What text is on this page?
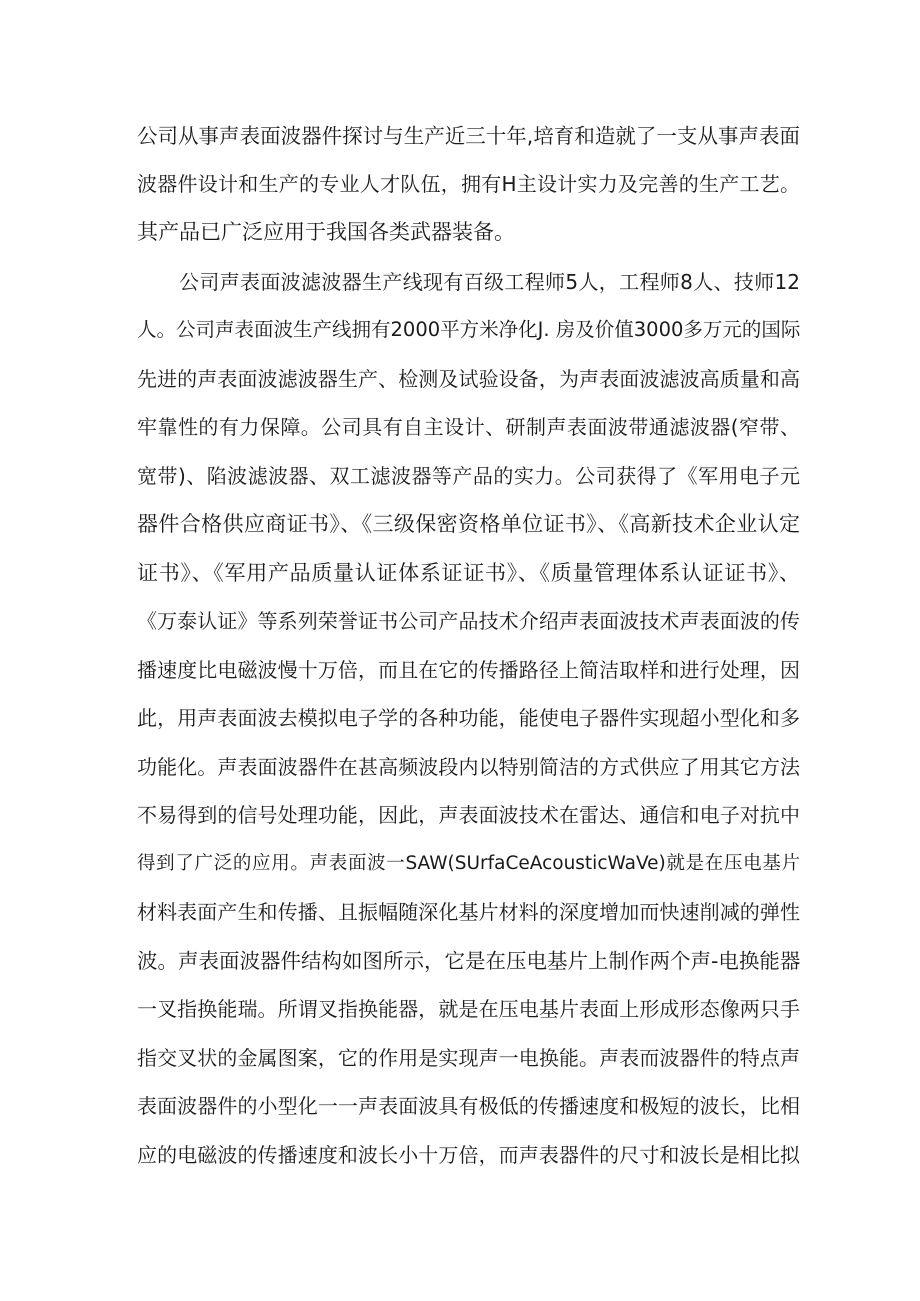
公司从事声表面波器件探讨与生产近三十年,培育和造就了一支从事声表面
波器件设计和生产的专业人才队伍，拥有H主设计实力及完善的生产工艺。
其产品已广泛应用于我国各类武器装备。
公司声表面波滤波器生产线现有百级工程师5人，工程师8人、技师12
人。公司声表面波生产线拥有2000平方米净化J. 房及价值3000多万元的国际
先进的声表面波滤波器生产、检测及试验设备，为声表面波滤波高质量和高
牢靠性的有力保障。公司具有自主设计、研制声表面波带通滤波器(窄带、
宽带)、陷波滤波器、双工滤波器等产品的实力。公司获得了《军用电子元
器件合格供应商证书》、《三级保密资格单位证书》、《高新技术企业认定
证书》、《军用产品质量认证体系证证书》、《质量管理体系认证证书》、
《万泰认证》等系列荣誉证书公司产品技术介绍声表面波技术声表面波的传
播速度比电磁波慢十万倍，而且在它的传播路径上简洁取样和进行处理，因
此，用声表面波去模拟电子学的各种功能，能使电子器件实现超小型化和多
功能化。声表面波器件在甚高频波段内以特别简洁的方式供应了用其它方法
不易得到的信号处理功能，因此，声表面波技术在雷达、通信和电子对抗中
得到了广泛的应用。声表面波一SAW(SUrfaCeAcousticWaVe)就是在压电基片
材料表面产生和传播、且振幅随深化基片材料的深度增加而快速削减的弹性
波。声表面波器件结构如图所示，它是在压电基片上制作两个声-电换能器
一叉指换能瑞。所谓叉指换能器，就是在压电基片表面上形成形态像两只手
指交叉状的金属图案，它的作用是实现声一电换能。声表而波器件的特点声
表面波器件的小型化一一声表面波具有极低的传播速度和极短的波长，比相
应的电磁波的传播速度和波长小十万倍，而声表器件的尺寸和波长是相比拟
